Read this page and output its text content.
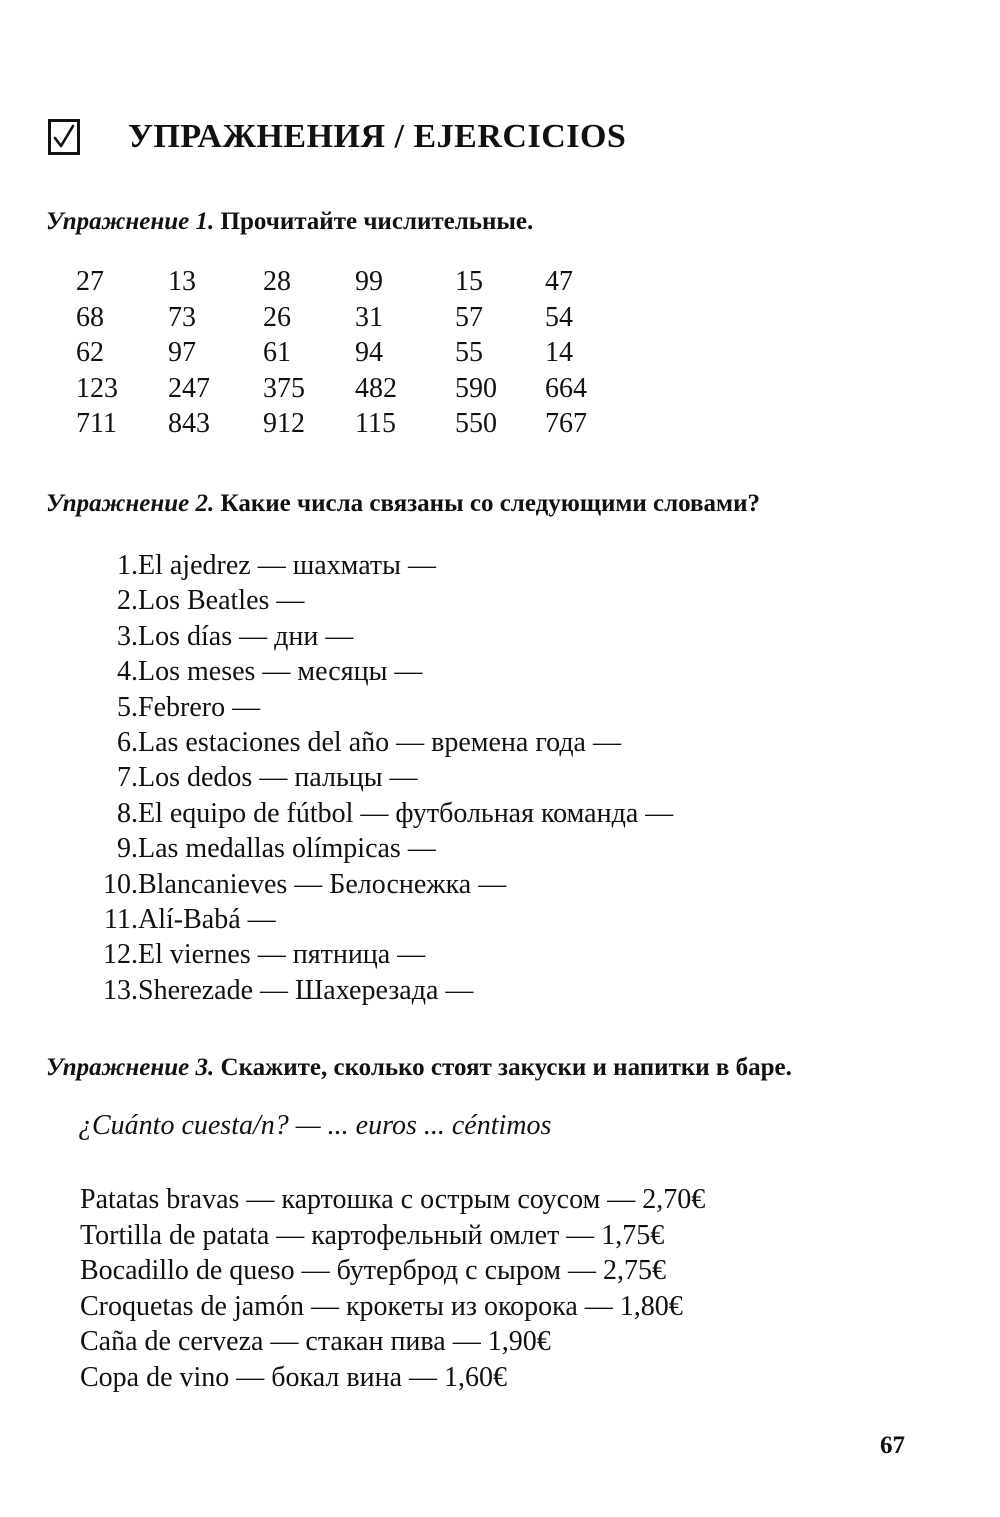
УПРАЖНЕНИЯ / EJERCICIOS
Упражнение 1. Прочитайте числительные.
27	13	28	99	15	47
68	73	26	31	57	54
62	97	61	94	55	14
123	247	375	482	590	664
711	843	912	115	550	767
Упражнение 2. Какие числа связаны со следующими словами?
1. El ajedrez — шахматы —
2. Los Beatles —
3. Los días — дни —
4. Los meses — месяцы —
5. Febrero —
6. Las estaciones del año — времена года —
7. Los dedos — пальцы —
8. El equipo de fútbol — футбольная команда —
9. Las medallas olímpicas —
10. Blancanieves — Белоснежка —
11. Alí-Babá —
12. El viernes — пятница —
13. Sherezade — Шахерезада —
Упражнение 3. Скажите, сколько стоят закуски и напитки в баре.
¿Cuánto cuesta/n? — ... euros ... céntimos
Patatas bravas — картошка с острым соусом — 2,70€
Tortilla de patata — картофельный омлет — 1,75€
Bocadillo de queso — бутерброд с сыром — 2,75€
Croquetas de jamón — крокеты из окорока — 1,80€
Caña de cerveza — стакан пива — 1,90€
Copa de vino — бокал вина — 1,60€
67
